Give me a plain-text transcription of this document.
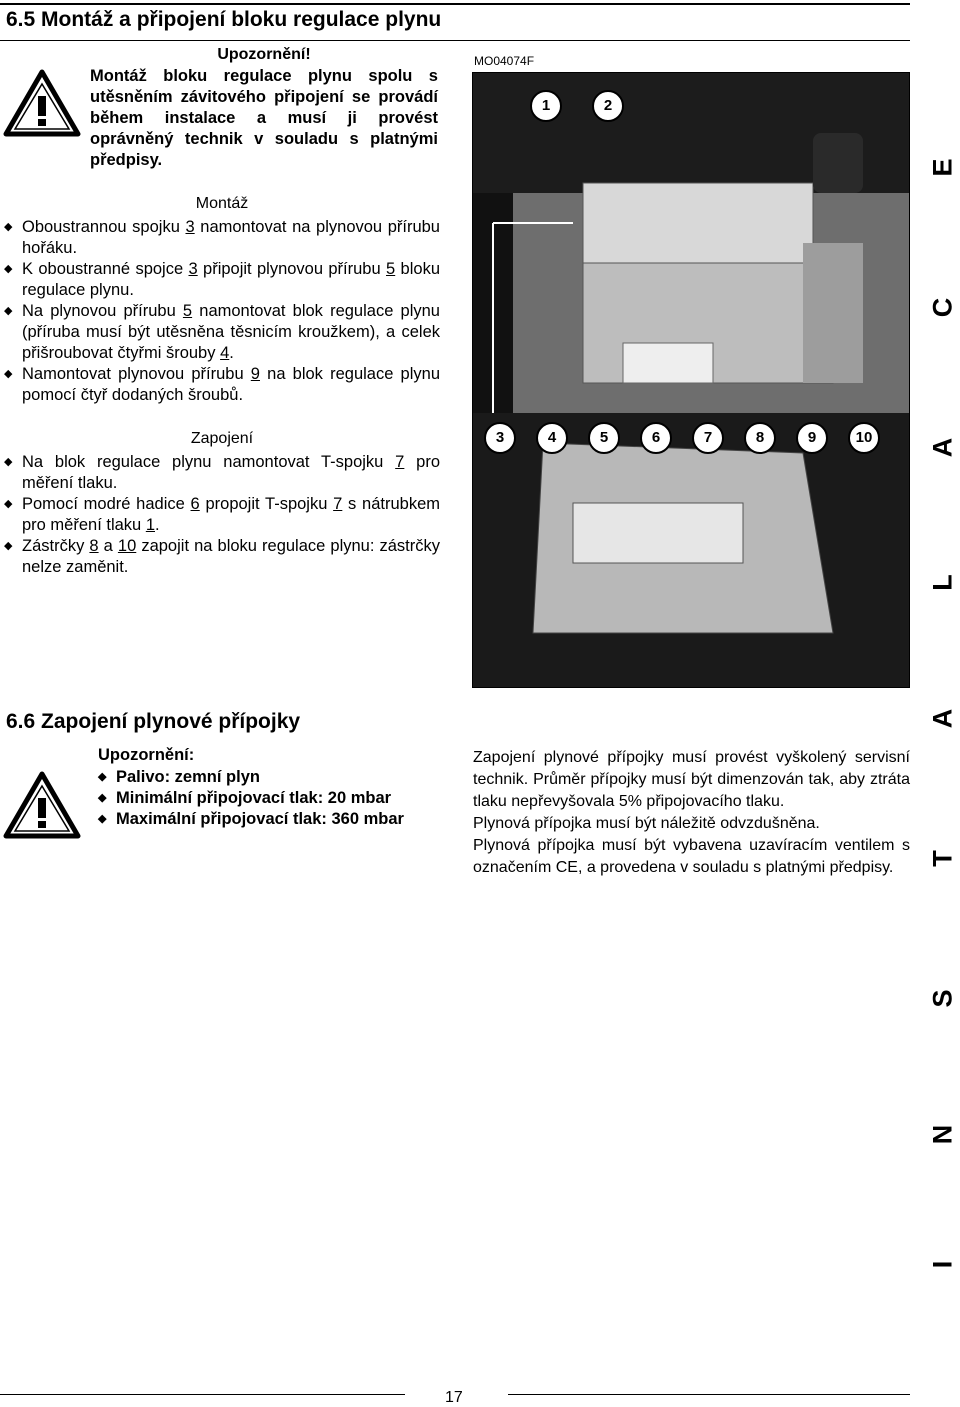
6.5 Montáž a připojení bloku regulace plynu
Upozornění!
Montáž bloku regulace plynu spolu s utěsněním závitového připojení se provádí během instalace a musí ji provést oprávněný technik v souladu s platnými předpisy.
Montáž
◆ Oboustrannou spojku 3 namontovat na plynovou přírubu hořáku.
◆ K oboustranné spojce 3 připojit plynovou přírubu 5 bloku regulace plynu.
◆ Na plynovou přírubu 5 namontovat blok regulace plynu (příruba musí být utěsněna těsnicím kroužkem), a celek přišroubovat čtyřmi šrouby 4.
◆ Namontovat plynovou přírubu 9 na blok regulace plynu pomocí čtyř dodaných šroubů.
Zapojení
◆ Na blok regulace plynu namontovat T-spojku 7 pro měření tlaku.
◆ Pomocí modré hadice 6 propojit T-spojku 7 s nátrubkem pro měření tlaku 1.
◆ Zástrčky 8 a 10 zapojit na bloku regulace plynu: zástrčky nelze zaměnit.
MO04074F
1	2
3	4	5	6	7	8	9	10
6.6 Zapojení plynové přípojky
Upozornění:
◆ Palivo: zemní plyn
◆ Minimální připojovací tlak: 20 mbar
◆ Maximální připojovací tlak: 360 mbar

Zapojení plynové přípojky musí provést vyškolený servisní technik. Průměr přípojky musí být dimenzován tak, aby ztráta tlaku nepřevyšovala 5% připojovacího tlaku.

Plynová přípojka musí být náležitě odvzdušněna.

Plynová přípojka musí být vybavena uzavíracím ventilem s označením CE, a provedena v souladu s platnými předpisy.

E
C
A
L
A
T
S
N
I
17
